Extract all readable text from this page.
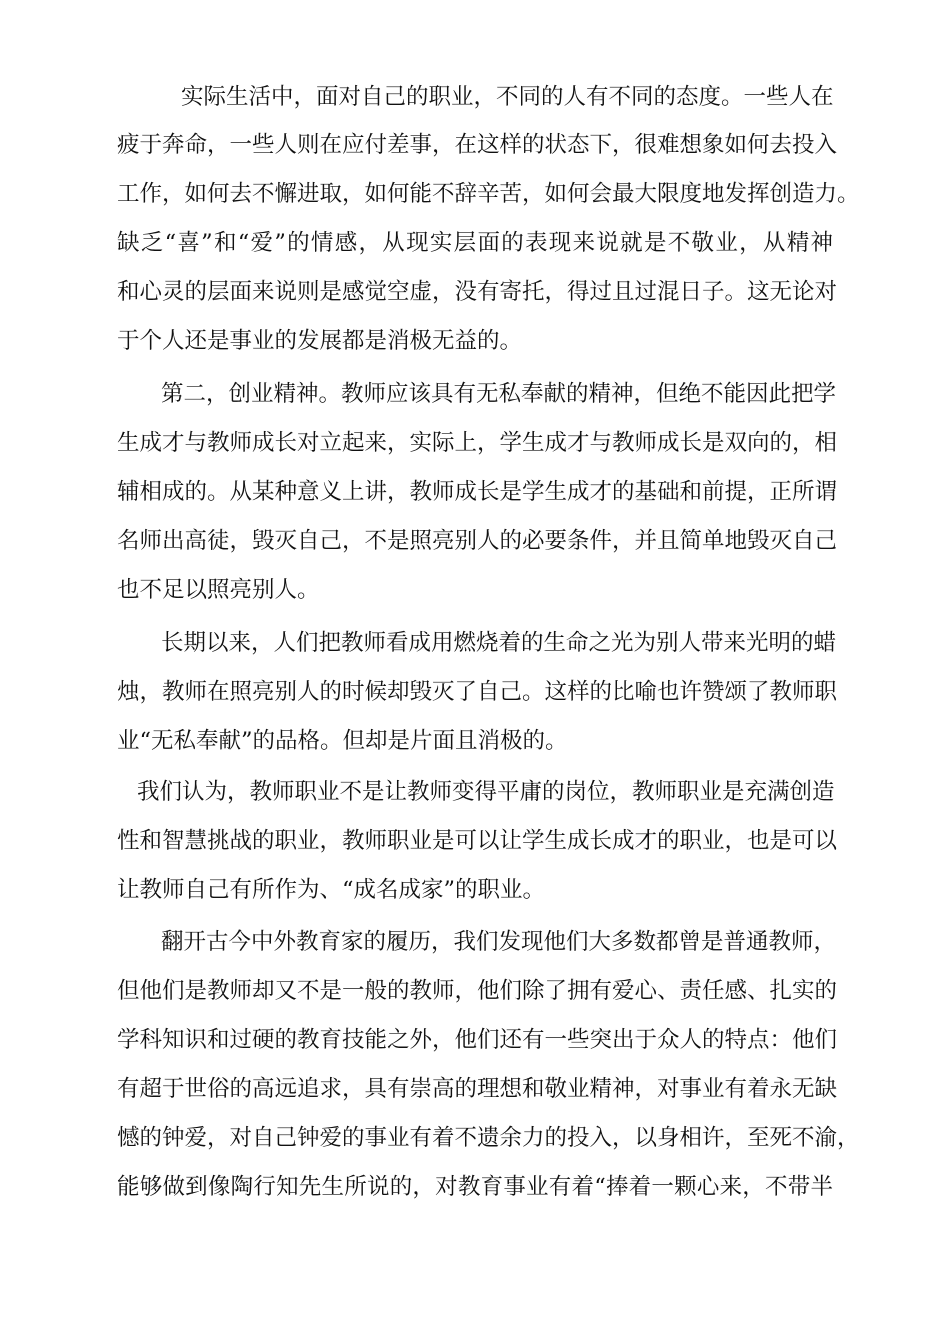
实际生活中，面对自己的职业，不同的人有不同的态度。一些人在
疲于奔命，一些人则在应付差事，在这样的状态下，很难想象如何去投入
工作，如何去不懈进取，如何能不辞辛苦，如何会最大限度地发挥创造力。
缺乏“喜”和“爱”的情感，从现实层面的表现来说就是不敬业，从精神
和心灵的层面来说则是感觉空虚，没有寄托，得过且过混日子。这无论对
于个人还是事业的发展都是消极无益的。
第二，创业精神。教师应该具有无私奉献的精神，但绝不能因此把学
生成才与教师成长对立起来，实际上，学生成才与教师成长是双向的，相
辅相成的。从某种意义上讲，教师成长是学生成才的基础和前提，正所谓
名师出高徒，毁灭自己，不是照亮别人的必要条件，并且简单地毁灭自己
也不足以照亮别人。
长期以来，人们把教师看成用燃烧着的生命之光为别人带来光明的蜡
烛，教师在照亮别人的时候却毁灭了自己。这样的比喻也许赞颂了教师职
业“无私奉献”的品格。但却是片面且消极的。
我们认为，教师职业不是让教师变得平庸的岗位，教师职业是充满创造
性和智慧挑战的职业，教师职业是可以让学生成长成才的职业，也是可以
让教师自己有所作为、“成名成家”的职业。
翻开古今中外教育家的履历，我们发现他们大多数都曾是普通教师，
但他们是教师却又不是一般的教师，他们除了拥有爱心、责任感、扎实的
学科知识和过硬的教育技能之外，他们还有一些突出于众人的特点：他们
有超于世俗的高远追求，具有崇高的理想和敬业精神，对事业有着永无缺
憾的钟爱，对自己钟爱的事业有着不遗余力的投入，以身相许，至死不渝，
能够做到像陶行知先生所说的，对教育事业有着“捧着一颗心来，不带半
